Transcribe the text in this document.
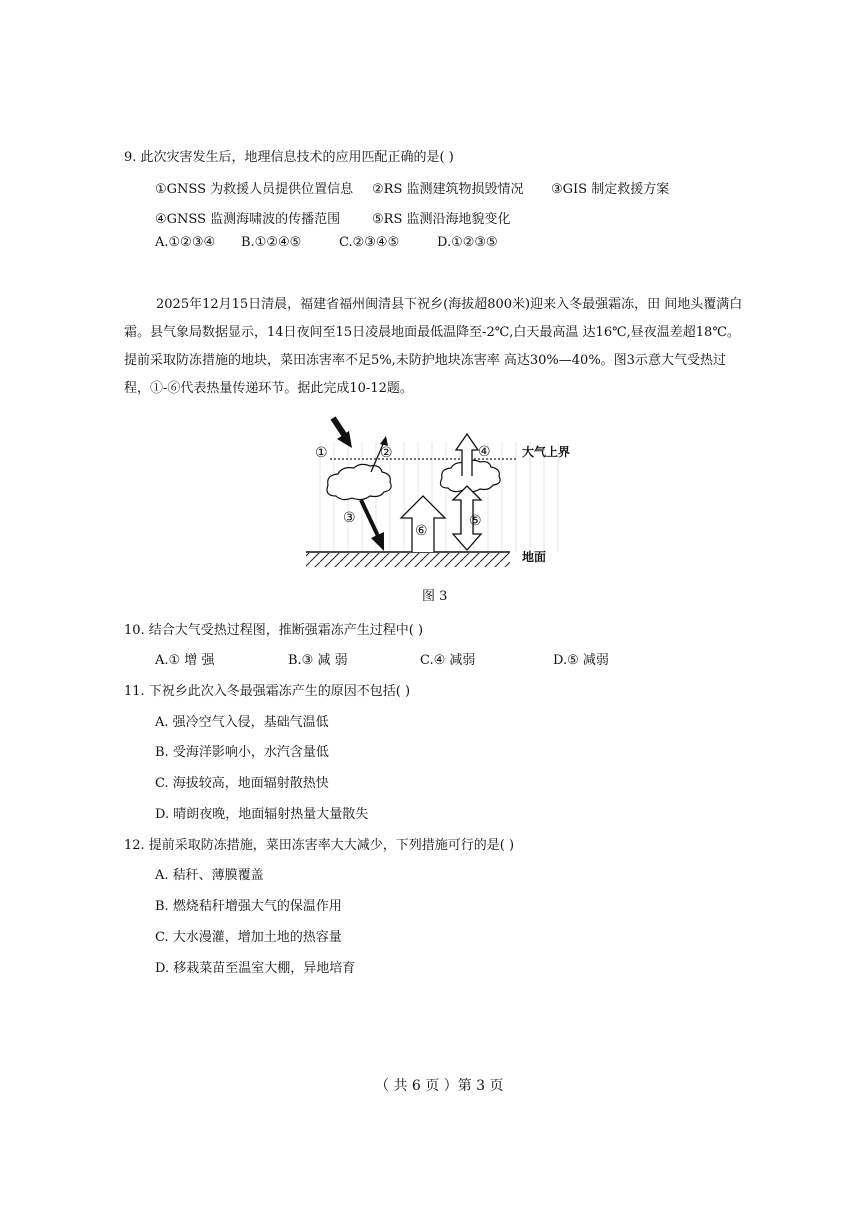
9. 此次灾害发生后，地理信息技术的应用匹配正确的是( )
①GNSS 为救援人员提供位置信息 ②RS 监测建筑物损毁情况 ③GIS 制定救援方案
④GNSS 监测海啸波的传播范围 ⑤RS 监测沿海地貌变化
A.①②③④ B.①②④⑤	C.②③④⑤	D.①②③⑤
2025年12月15日清晨，福建省福州闽清县下祝乡(海拔超800米)迎来入冬最强霜冻，田 间地头覆满白霜。县气象局数据显示，14日夜间至15日凌晨地面最低温降至-2℃,白天最高温 达16℃,昼夜温差超18℃。提前采取防冻措施的地块，菜田冻害率不足5%,未防护地块冻害率 高达30%—40%。图3示意大气受热过程，①-⑥代表热量传递环节。据此完成10-12题。
①	②
③
④
⑤
⑥
大气上界
地面
图 3
10. 结合大气受热过程图，推断强霜冻产生过程中( )
A.① 增 强	B.③ 减 弱	C.④ 减弱	D.⑤ 减弱
11. 下祝乡此次入冬最强霜冻产生的原因不包括( )
A. 强冷空气入侵，基础气温低
B. 受海洋影响小，水汽含量低
C. 海拔较高，地面辐射散热快
D. 晴朗夜晚，地面辐射热量大量散失
12. 提前采取防冻措施，菜田冻害率大大减少，下列措施可行的是( )
A. 秸秆、薄膜覆盖
B. 燃烧秸秆增强大气的保温作用
C. 大水漫灌，增加土地的热容量
D. 移栽菜苗至温室大棚，异地培育
（ 共 6 页 ）第 3 页
